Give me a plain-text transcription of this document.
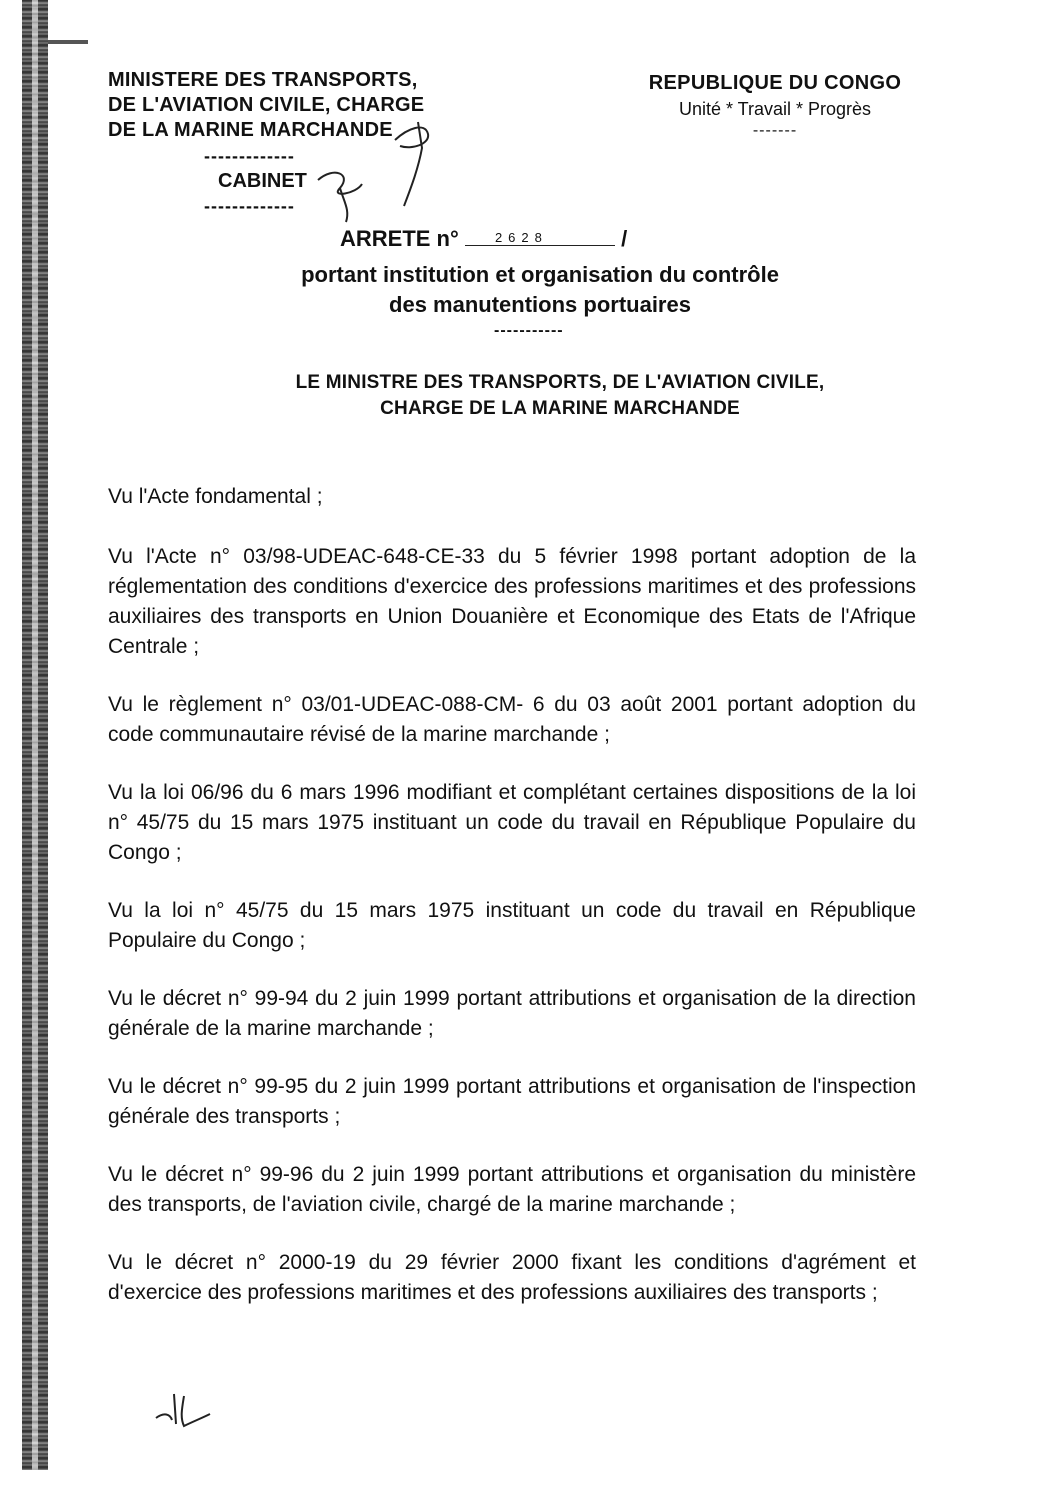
MINISTERE DES TRANSPORTS,
DE L'AVIATION CIVILE, CHARGE
DE LA MARINE MARCHANDE
-------------
CABINET
-------------
REPUBLIQUE DU CONGO
Unité * Travail * Progrès
-------
ARRETE n°	2628	/
portant institution et organisation du contrôle
des manutentions portuaires
-----------
LE MINISTRE DES TRANSPORTS, DE L'AVIATION CIVILE,
CHARGE DE LA MARINE MARCHANDE

Vu l'Acte fondamental ;

Vu l'Acte n° 03/98-UDEAC-648-CE-33 du 5 février 1998 portant adoption de la réglementation des conditions d'exercice des professions maritimes et des professions auxiliaires des transports en Union Douanière et Economique des Etats de l'Afrique Centrale ;

Vu le règlement n° 03/01-UDEAC-088-CM- 6 du 03 août 2001 portant adoption du code communautaire révisé de la marine marchande ;

Vu la loi 06/96 du 6 mars 1996 modifiant et complétant certaines dispositions de la loi n° 45/75 du 15 mars 1975 instituant un code du travail en République Populaire du Congo ;

Vu la loi n° 45/75 du 15 mars 1975 instituant un code du travail en République Populaire du Congo ;

Vu le décret n° 99-94 du 2 juin 1999 portant attributions et organisation de la direction générale de la marine marchande ;

Vu le décret n° 99-95 du 2 juin 1999 portant attributions et organisation de l'inspection générale des transports ;

Vu le décret n° 99-96 du 2 juin 1999 portant attributions et organisation du ministère des transports, de l'aviation civile, chargé de la marine marchande ;

Vu le décret n° 2000-19 du 29 février 2000 fixant les conditions d'agrément et d'exercice des professions maritimes et des professions auxiliaires des transports ;
